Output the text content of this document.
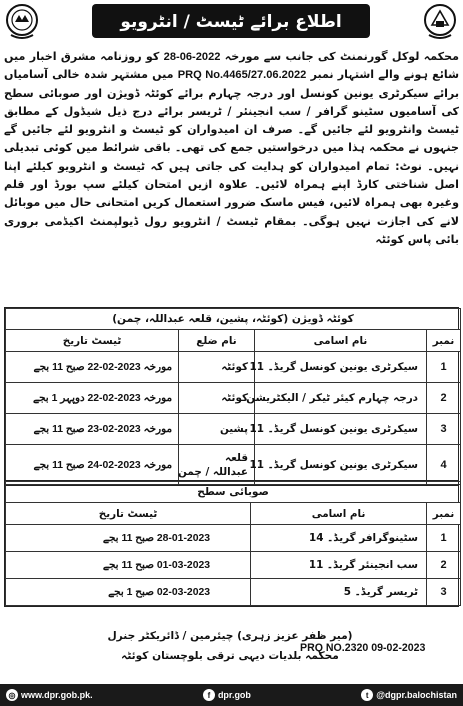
اطلاع برائے ٹیسٹ / انٹرویو
محکمہ لوکل گورنمنٹ کی جانب سے مورخہ 28-06-2022 کو روزنامہ مشرق اخبار میں شائع ہونے والے اشتہار نمبر PRQ No.4465/27.06.2022 میں مشتہر شدہ خالی آسامیاں برائے سیکرٹری یونین کونسل اور درجہ چہارم برائے کوئٹہ ڈویژن اور صوبائی سطح کی آسامیوں سٹینو گرافر / سب انجینئر / ٹریسر برائے درج ذیل شیڈول کے مطابق ٹیسٹ وانٹرویو لئے جائیں گے۔ صرف ان امیدواران کو ٹیسٹ و انٹرویو لئے جائیں گے جنہوں نے محکمہ ہذا میں درخواستیں جمع کی تھی۔ باقی شرائط میں کوئی تبدیلی نہیں۔ نوٹ: تمام امیدواران کو ہدایت کی جاتی ہیں کہ ٹیسٹ و انٹرویو کیلئے اپنا اصل شناختی کارڈ اپنے ہمراہ لائیں۔ علاوہ ازیں امتحان کیلئے سپ بورڈ اور قلم وغیرہ بھی ہمراہ لائیں، فیس ماسک ضرور استعمال کریں امتحانی حال میں موبائل لانے کی اجازت نہیں ہوگی۔ بمقام ٹیسٹ / انٹرویو رول ڈیولپمنٹ اکیڈمی بروری بائی پاس کوئٹہ
کوئٹہ ڈویژن (کوئٹہ، پشین، قلعہ عبداللہ، چمن)			
نمبر	نام اسامی	نام ضلع	ٹیسٹ تاریخ
1	سیکرٹری یونین کونسل گریڈ۔ 11	کوئٹہ	مورخہ 22-02-2023 صبح 11 بجے
2	درجہ چہارم کیئر ٹیکر / الیکٹریشن	کوئٹہ	مورخہ 22-02-2023 دوپہر 1 بجے
3	سیکرٹری یونین کونسل گریڈ۔ 11	پشین	مورخہ 23-02-2023 صبح 11 بجے
4	سیکرٹری یونین کونسل گریڈ۔ 11	قلعہ
عبداللہ / چمن	مورخہ 24-02-2023 صبح 11 بجے
صوبائی سطح		
نمبر	نام اسامی	ٹیسٹ تاریخ
1	سٹینوگرافر گریڈ۔ 14	28-01-2023 صبح 11 بجے
2	سب انجینئر گریڈ۔ 11	01-03-2023 صبح 11 بجے
3	ٹریسر گریڈ۔ 5	02-03-2023 صبح 1 بجے
(میر ظفر عزیز زہری) چیئرمین / ڈائریکٹر جنرل
محکمہ بلدیات دیہی ترقی بلوچستان کوئٹہ
PRQ NO.2320 09-02-2023
◎ www.dpr.gob.pk.	f dpr.gob	t @dgpr.balochistan
